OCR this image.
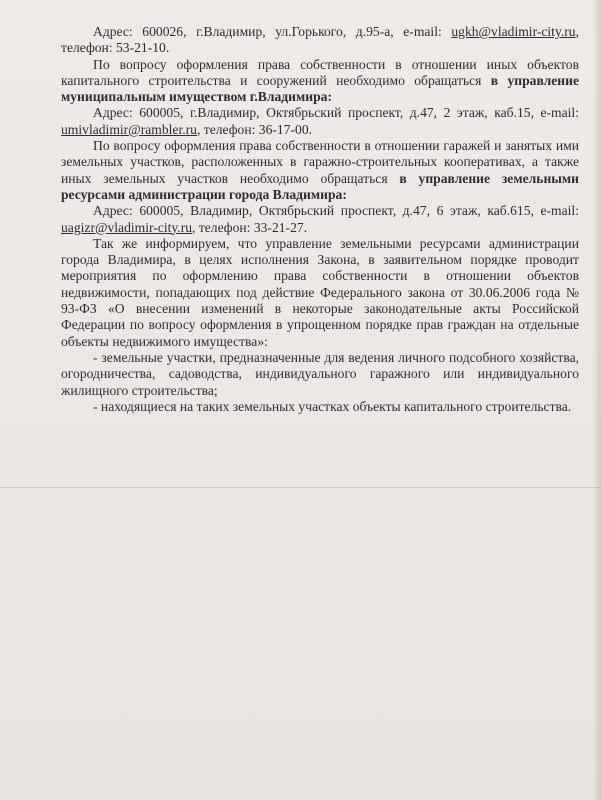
Адрес: 600026, г.Владимир, ул.Горького, д.95-а, e-mail: ugkh@vladimir-city.ru, телефон: 53-21-10.

По вопросу оформления права собственности в отношении иных объектов капитального строительства и сооружений необходимо обращаться в управление муниципальным имуществом г.Владимира:

Адрес: 600005, г.Владимир, Октябрьский проспект, д.47, 2 этаж, каб.15, e-mail: umivladimir@rambler.ru, телефон: 36-17-00.

По вопросу оформления права собственности в отношении гаражей и занятых ими земельных участков, расположенных в гаражно-строительных кооперативах, а также иных земельных участков необходимо обращаться в управление земельными ресурсами администрации города Владимира:

Адрес: 600005, Владимир, Октябрьский проспект, д.47, 6 этаж, каб.615, e-mail: uagizr@vladimir-city.ru, телефон: 33-21-27.

Так же информируем, что управление земельными ресурсами администрации города Владимира, в целях исполнения Закона, в заявительном порядке проводит мероприятия по оформлению права собственности в отношении объектов недвижимости, попадающих под действие Федерального закона от 30.06.2006 года № 93-ФЗ «О внесении изменений в некоторые законодательные акты Российской Федерации по вопросу оформления в упрощенном порядке прав граждан на отдельные объекты недвижимого имущества»:

- земельные участки, предназначенные для ведения личного подсобного хозяйства, огородничества, садоводства, индивидуального гаражного или индивидуального жилищного строительства;

- находящиеся на таких земельных участках объекты капитального строительства.
